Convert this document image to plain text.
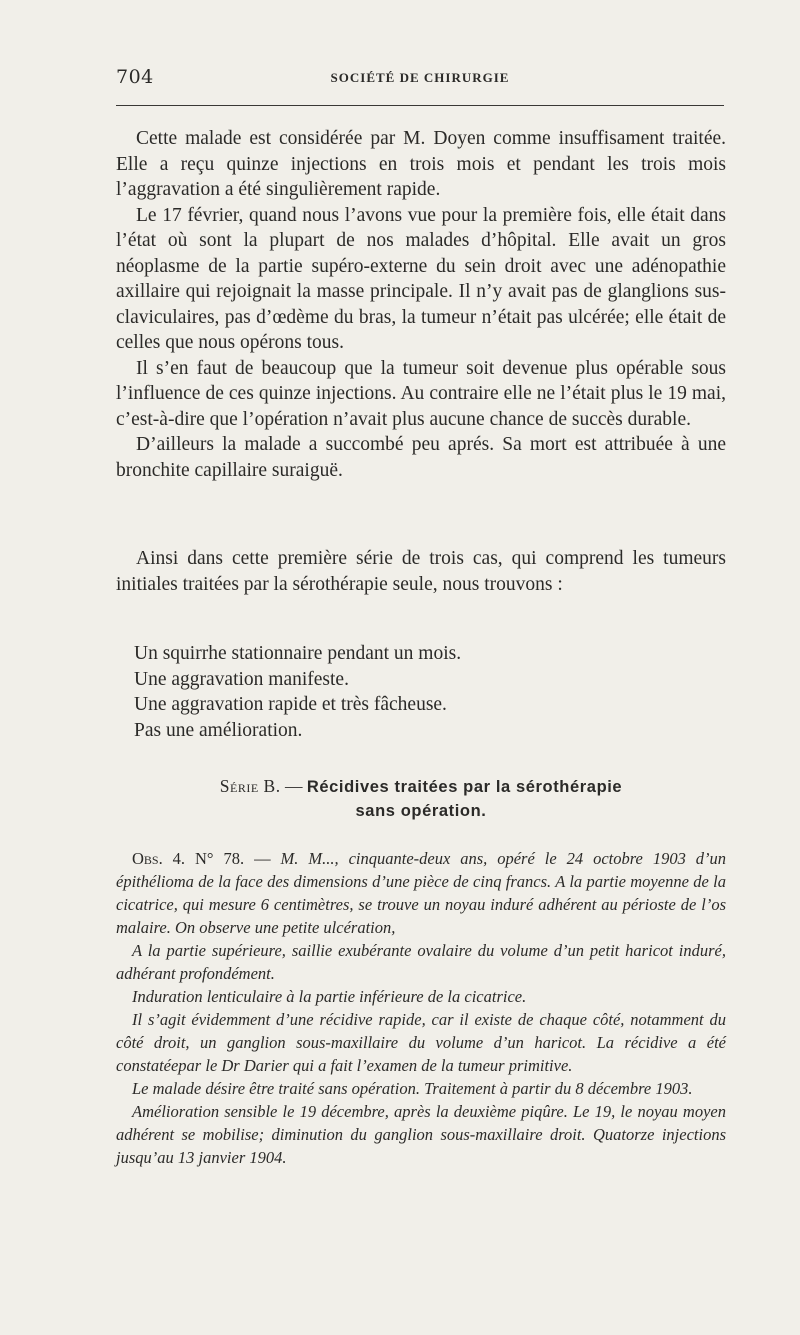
704	SOCIÉTÉ DE CHIRURGIE

Cette malade est considérée par M. Doyen comme insuffisament traitée. Elle a reçu quinze injections en trois mois et pendant les trois mois l’aggravation a été singulièrement rapide.

Le 17 février, quand nous l’avons vue pour la première fois, elle était dans l’état où sont la plupart de nos malades d’hôpital. Elle avait un gros néoplasme de la partie supéro-externe du sein droit avec une adénopathie axillaire qui rejoignait la masse principale. Il n’y avait pas de glanglions sus-claviculaires, pas d’œdème du bras, la tumeur n’était pas ulcérée; elle était de celles que nous opérons tous.

Il s’en faut de beaucoup que la tumeur soit devenue plus opérable sous l’influence de ces quinze injections. Au contraire elle ne l’était plus le 19 mai, c’est-à-dire que l’opération n’avait plus aucune chance de succès durable.

D’ailleurs la malade a succombé peu aprés. Sa mort est attribuée à une bronchite capillaire suraiguë.

Ainsi dans cette première série de trois cas, qui comprend les tumeurs initiales traitées par la sérothérapie seule, nous trouvons :

Un squirrhe stationnaire pendant un mois.
Une aggravation manifeste.
Une aggravation rapide et très fâcheuse.
Pas une amélioration.
Série B. — Récidives traitées par la sérothérapie
sans opération.

Obs. 4. N° 78. — M. M..., cinquante-deux ans, opéré le 24 octobre 1903 d’un épithélioma de la face des dimensions d’une pièce de cinq francs. A la partie moyenne de la cicatrice, qui mesure 6 centimètres, se trouve un noyau induré adhérent au périoste de l’os malaire. On observe une petite ulcération,

A la partie supérieure, saillie exubérante ovalaire du volume d’un petit haricot induré, adhérant profondément.

Induration lenticulaire à la partie inférieure de la cicatrice.

Il s’agit évidemment d’une récidive rapide, car il existe de chaque côté, notamment du côté droit, un ganglion sous-maxillaire du volume d’un haricot. La récidive a été constatéepar le Dr Darier qui a fait l’examen de la tumeur primitive.

Le malade désire être traité sans opération. Traitement à partir du 8 décembre 1903.

Amélioration sensible le 19 décembre, après la deuxième piqûre. Le 19, le noyau moyen adhérent se mobilise; diminution du ganglion sous-maxillaire droit. Quatorze injections jusqu’au 13 janvier 1904.
